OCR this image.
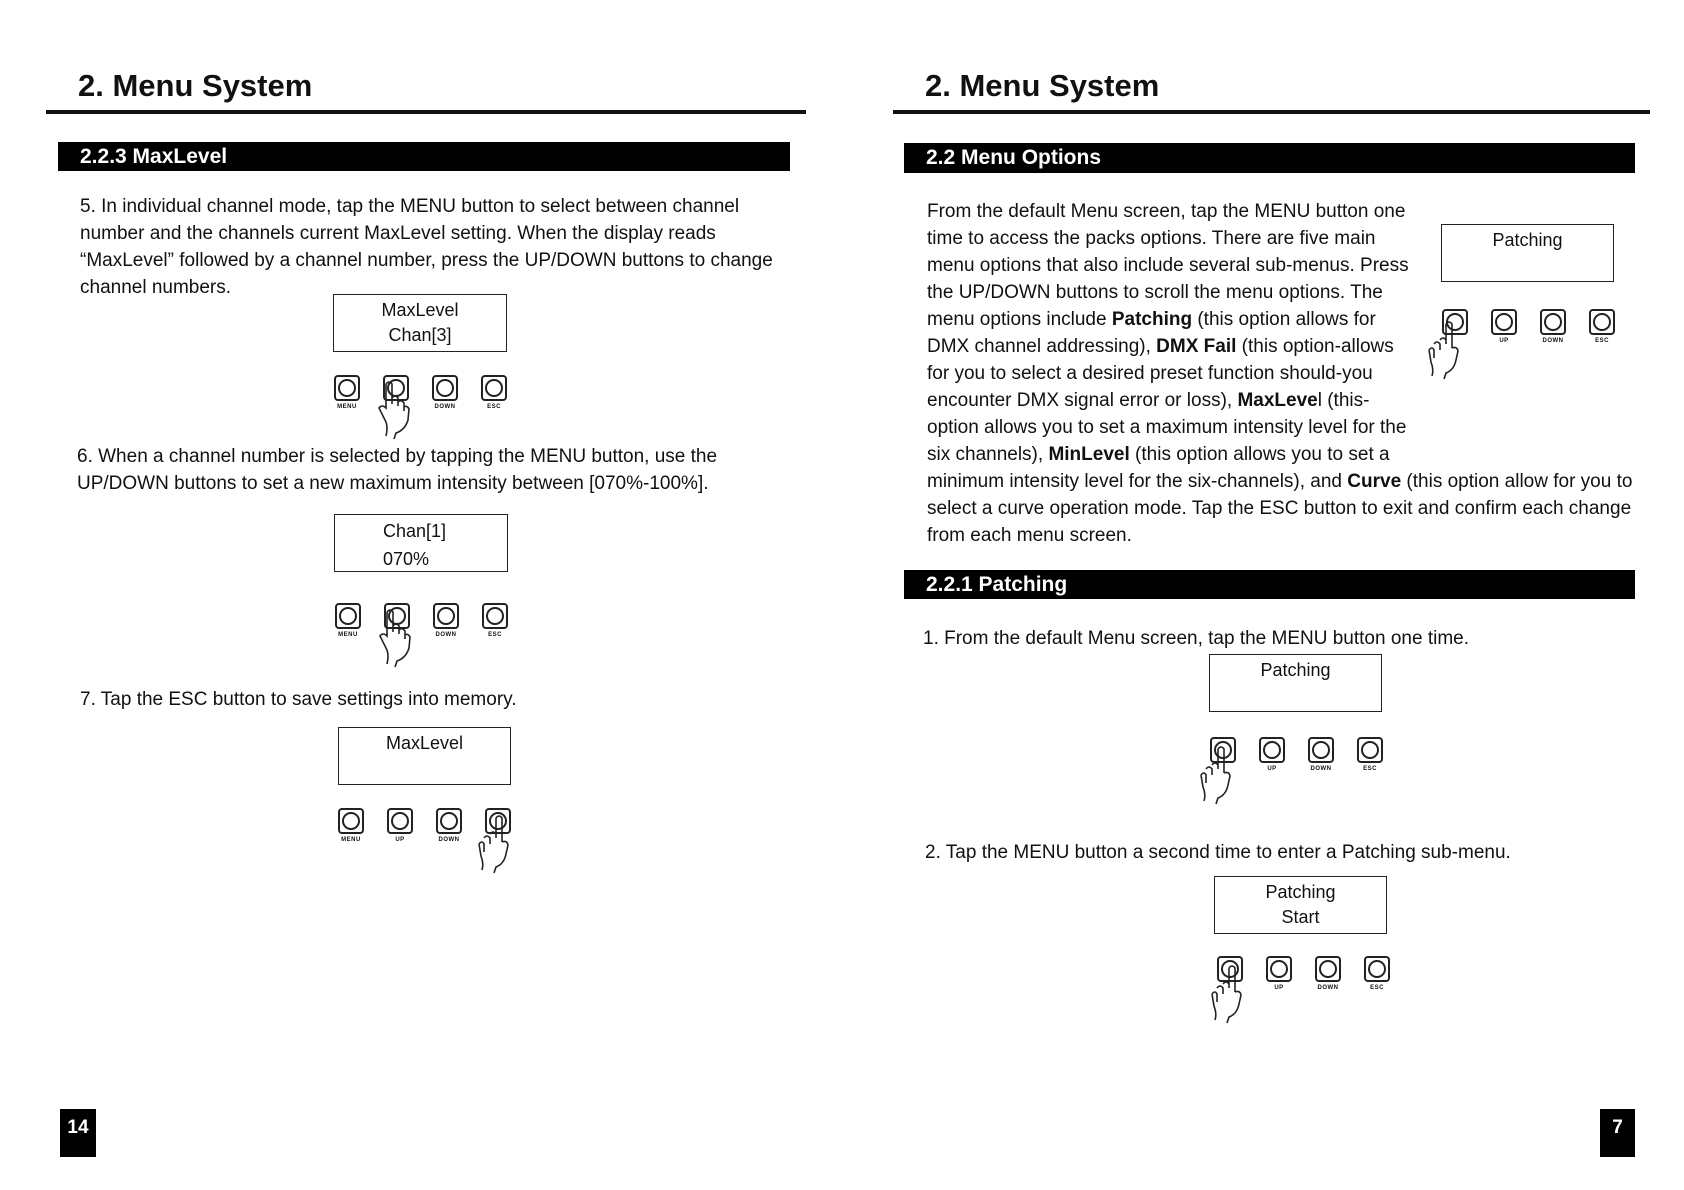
2. Menu System
2.2.3 MaxLevel
5. In individual channel mode, tap the MENU button to select between channel number and the channels current MaxLevel setting. When the display reads “MaxLevel” followed by a channel number, press the UP/DOWN buttons to change channel numbers.
MaxLevel
Chan[3]
MENU	DOWN	ESC
6. When a channel number is selected by tapping the MENU button, use the UP/DOWN buttons to set a new maximum intensity between [070%-100%].
Chan[1]
070%
MENU	DOWN	ESC
7. Tap the ESC button to save settings into memory.
MaxLevel
MENU	UP	DOWN
14
2. Menu System
2.2 Menu Options
From the default Menu screen, tap the MENU button one time to access the packs options. There are five main menu options that also include several sub-menus. Press the UP/DOWN buttons to scroll the menu options. The menu options include Patching (this option allows for DMX channel addressing), DMX Fail (this option-allows for you to select a desired preset function should-you encounter DMX signal error or loss), MaxLevel (this-option allows you to set a maximum intensity level for the six channels), MinLevel (this option allows you to set a minimum intensity level for the six-channels), and Curve (this option allow for you to select a curve operation mode. Tap the ESC button to exit and confirm each change from each menu screen.
Patching
UP	DOWN	ESC
2.2.1 Patching
1. From the default Menu screen, tap the MENU button one time.
Patching
UP	DOWN	ESC
2. Tap the MENU button a second time to enter a Patching sub-menu.
Patching
Start
UP	DOWN	ESC
7
